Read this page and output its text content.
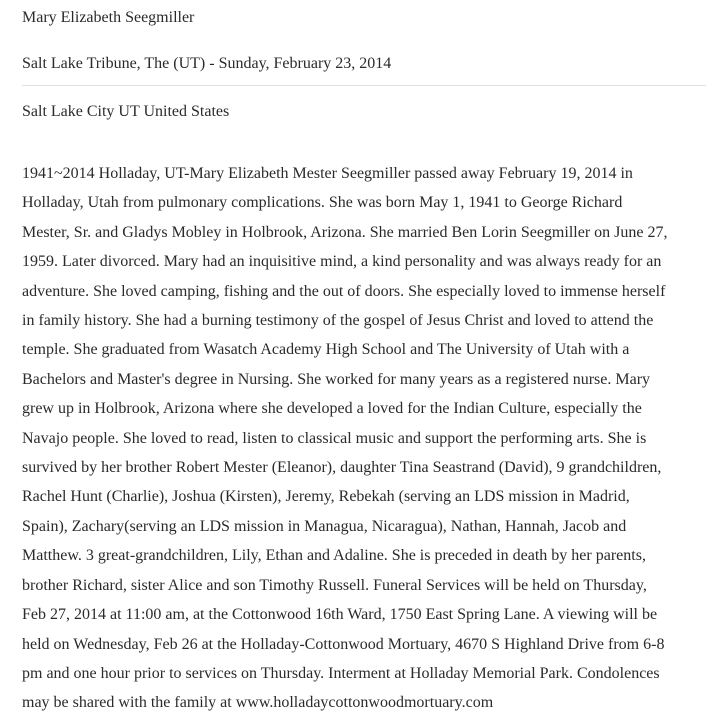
Mary Elizabeth Seegmiller
Salt Lake Tribune, The (UT) - Sunday, February 23, 2014
Salt Lake City UT United States
1941~2014 Holladay, UT-Mary Elizabeth Mester Seegmiller passed away February 19, 2014 in
Holladay, Utah from pulmonary complications. She was born May 1, 1941 to George Richard
Mester, Sr. and Gladys Mobley in Holbrook, Arizona. She married Ben Lorin Seegmiller on June 27,
1959. Later divorced. Mary had an inquisitive mind, a kind personality and was always ready for an
adventure. She loved camping, fishing and the out of doors. She especially loved to immense herself
in family history. She had a burning testimony of the gospel of Jesus Christ and loved to attend the
temple. She graduated from Wasatch Academy High School and The University of Utah with a
Bachelors and Master's degree in Nursing. She worked for many years as a registered nurse. Mary
grew up in Holbrook, Arizona where she developed a loved for the Indian Culture, especially the
Navajo people. She loved to read, listen to classical music and support the performing arts. She is
survived by her brother Robert Mester (Eleanor), daughter Tina Seastrand (David), 9 grandchildren,
Rachel Hunt (Charlie), Joshua (Kirsten), Jeremy, Rebekah (serving an LDS mission in Madrid,
Spain), Zachary(serving an LDS mission in Managua, Nicaragua), Nathan, Hannah, Jacob and
Matthew. 3 great-grandchildren, Lily, Ethan and Adaline. She is preceded in death by her parents,
brother Richard, sister Alice and son Timothy Russell. Funeral Services will be held on Thursday,
Feb 27, 2014 at 11:00 am, at the Cottonwood 16th Ward, 1750 East Spring Lane. A viewing will be
held on Wednesday, Feb 26 at the Holladay-Cottonwood Mortuary, 4670 S Highland Drive from 6-8
pm and one hour prior to services on Thursday. Interment at Holladay Memorial Park. Condolences
may be shared with the family at www.holladaycottonwoodmortuary.com
